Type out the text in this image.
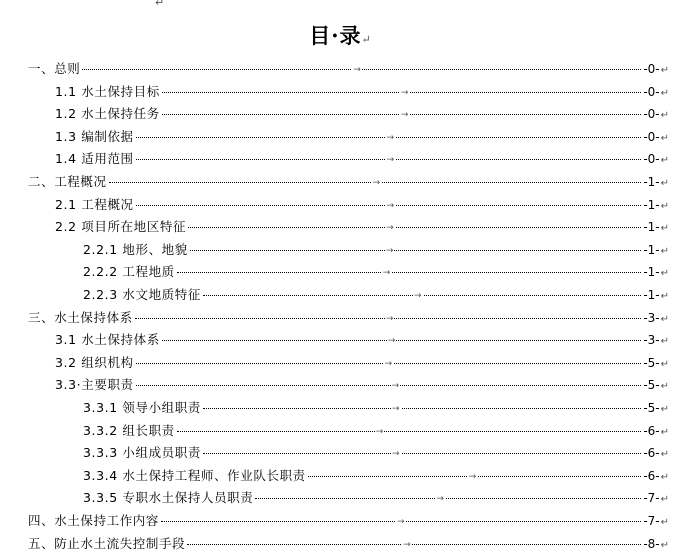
↵
目·录↵
一、总则	→	-0- ↵
1.1 水土保持目标	→	-0- ↵
1.2 水土保持任务	→	-0- ↵
1.3 编制依据	→	-0- ↵
1.4 适用范围	→	-0- ↵
二、工程概况	→	-1- ↵
2.1 工程概况	→	-1- ↵
2.2 项目所在地区特征	→	-1- ↵
2.2.1 地形、地貌	→	-1- ↵
2.2.2 工程地质	→	-1- ↵
2.2.3 水文地质特征	→	-1- ↵
三、水土保持体系	→	-3- ↵
3.1 水土保持体系	→	-3- ↵
3.2 组织机构	→	-5- ↵
3.3·主要职责	→	-5- ↵
3.3.1 领导小组职责	→	-5- ↵
3.3.2 组长职责	→	-6- ↵
3.3.3 小组成员职责	→	-6- ↵
3.3.4 水土保持工程师、作业队长职责	→	-6- ↵
3.3.5 专职水土保持人员职责	→	-7- ↵
四、水土保持工作内容	→	-7- ↵
五、防止水土流失控制手段	→	-8- ↵
